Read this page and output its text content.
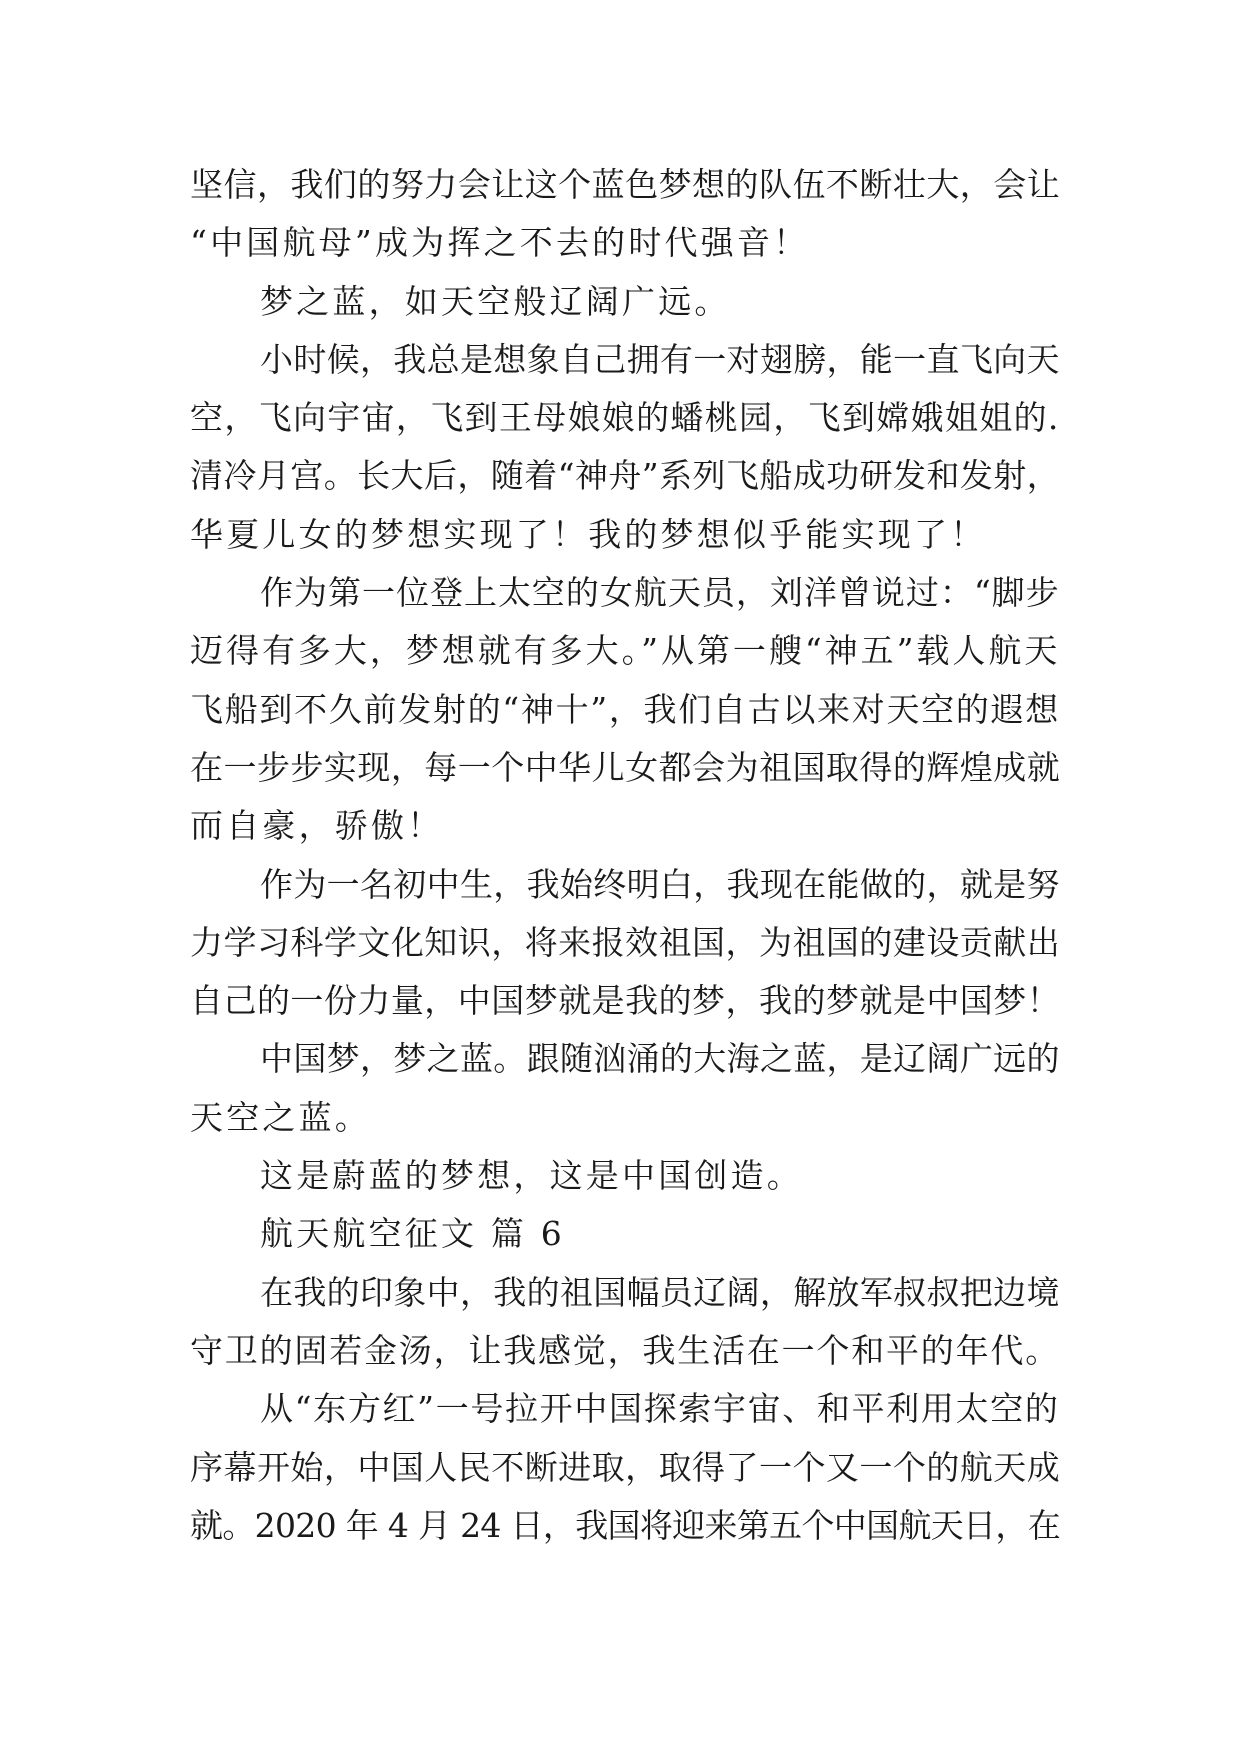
坚信，我们的努力会让这个蓝色梦想的队伍不断壮大，会让
“中国航母”成为挥之不去的时代强音！
梦之蓝，如天空般辽阔广远。
小时候，我总是想象自己拥有一对翅膀，能一直飞向天
空，飞向宇宙，飞到王母娘娘的蟠桃园，飞到嫦娥姐姐的.
清冷月宫。长大后，随着“神舟”系列飞船成功研发和发射，
华夏儿女的梦想实现了！我的梦想似乎能实现了！
作为第一位登上太空的女航天员，刘洋曾说过：“脚步
迈得有多大，梦想就有多大。”从第一艘“神五”载人航天
飞船到不久前发射的“神十”，我们自古以来对天空的遐想
在一步步实现，每一个中华儿女都会为祖国取得的辉煌成就
而自豪，骄傲！
作为一名初中生，我始终明白，我现在能做的，就是努
力学习科学文化知识，将来报效祖国，为祖国的建设贡献出
自己的一份力量，中国梦就是我的梦，我的梦就是中国梦！
中国梦，梦之蓝。跟随汹涌的大海之蓝，是辽阔广远的
天空之蓝。
这是蔚蓝的梦想，这是中国创造。
航天航空征文 篇 6
在我的印象中，我的祖国幅员辽阔，解放军叔叔把边境
守卫的固若金汤，让我感觉，我生活在一个和平的年代。
从“东方红”一号拉开中国探索宇宙、和平利用太空的
序幕开始，中国人民不断进取，取得了一个又一个的航天成
就。2020 年 4 月 24 日，我国将迎来第五个中国航天日，在
